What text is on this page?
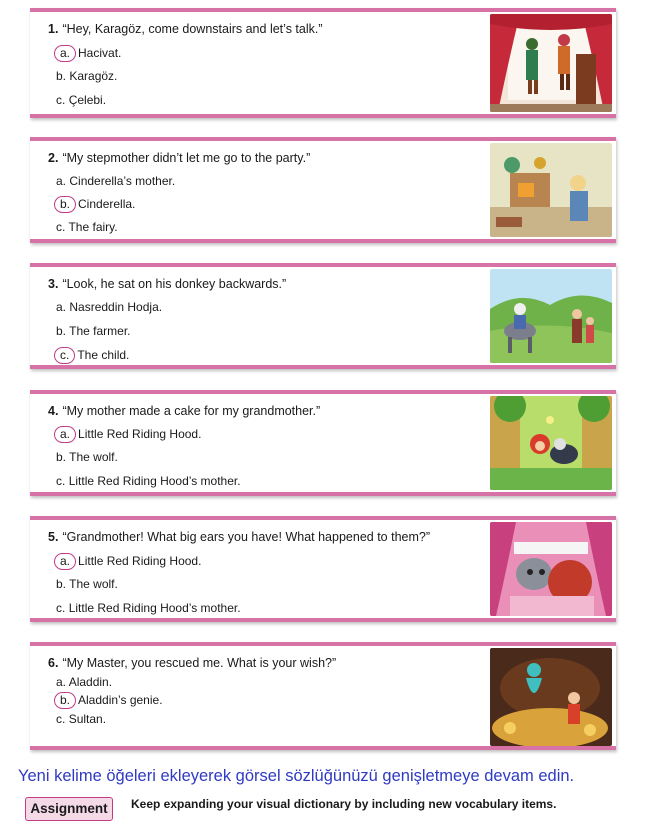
1. “Hey, Karagöz, come downstairs and let’s talk.”
a. Hacivat.
b. Karagöz.
c. Çelebi.
2. “My stepmother didn’t let me go to the party.”
a. Cinderella’s mother.
b. Cinderella.
c. The fairy.
3. “Look, he sat on his donkey backwards.”
a. Nasreddin Hodja.
b. The farmer.
c. The child.
4. “My mother made a cake for my grandmother.”
a. Little Red Riding Hood.
b. The wolf.
c. Little Red Riding Hood’s mother.
5. “Grandmother! What big ears you have! What happened to them?”
a. Little Red Riding Hood.
b. The wolf.
c. Little Red Riding Hood’s mother.
6. “My Master, you rescued me. What is your wish?”
a. Aladdin.
b. Aladdin’s genie.
c. Sultan.
Yeni kelime öğeleri ekleyerek görsel sözlüğünüzü genişletmeye devam edin.
Assignment	Keep expanding your visual dictionary by including new vocabulary items.
